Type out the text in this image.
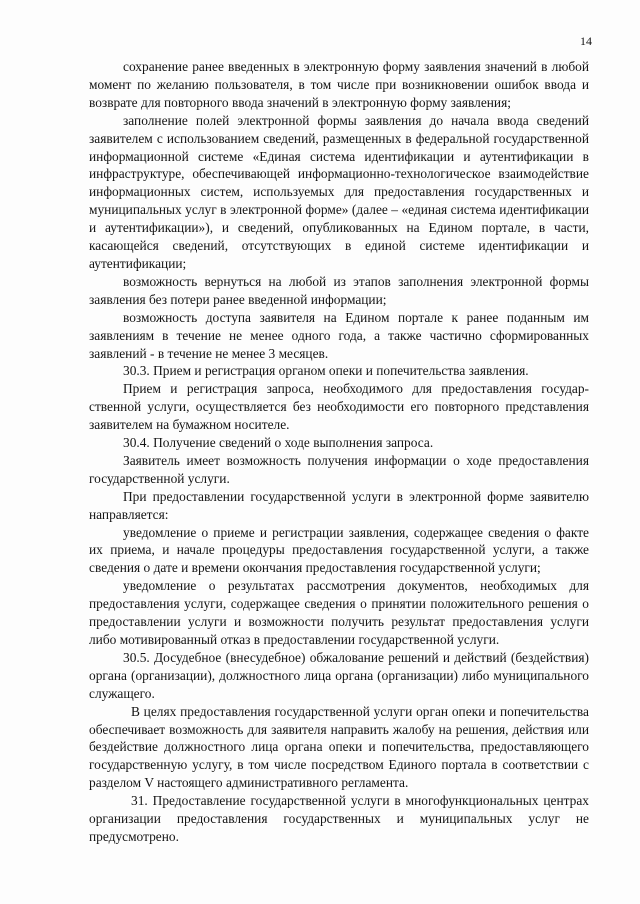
14

сохранение ранее введенных в электронную форму заявления значений в любой момент по желанию пользователя, в том числе при возникновении ошибок ввода и возврате для повторного ввода значений в электронную форму заявления;

заполнение полей электронной формы заявления до начала ввода сведений заявителем с использованием сведений, размещенных в федеральной государственной информационной системе «Единая система идентификации и аутентификации в инфраструктуре, обеспечивающей информационно-технологическое взаимодействие информационных систем, используемых для предоставления государственных и муниципальных услуг в электронной форме» (далее – «единая система идентификации и аутентификации»), и сведений, опубликованных на Едином портале, в части, касающейся сведений, отсутствующих в единой системе идентификации и аутентификации;

возможность вернуться на любой из этапов заполнения электронной формы заявления без потери ранее введенной информации;

возможность доступа заявителя на Едином портале к ранее поданным им заявлениям в течение не менее одного года, а также частично сформированных заявлений - в течение не менее 3 месяцев.

30.3. Прием и регистрация органом опеки и попечительства заявления.

Прием и регистрация запроса, необходимого для предоставления государственной услуги, осуществляется без необходимости его повторного представления заявителем на бумажном носителе.

30.4. Получение сведений о ходе выполнения запроса.

Заявитель имеет возможность получения информации о ходе предоставления государственной услуги.

При предоставлении государственной услуги в электронной форме заявителю направляется:

уведомление о приеме и регистрации заявления, содержащее сведения о факте их приема, и начале процедуры предоставления государственной услуги, а также сведения о дате и времени окончания предоставления государственной услуги;

уведомление о результатах рассмотрения документов, необходимых для предоставления услуги, содержащее сведения о принятии положительного решения о предоставлении услуги и возможности получить результат предоставления услуги либо мотивированный отказ в предоставлении государственной услуги.

30.5. Досудебное (внесудебное) обжалование решений и действий (бездействия) органа (организации), должностного лица органа (организации) либо муниципального служащего.

В целях предоставления государственной услуги орган опеки и попечительства обеспечивает возможность для заявителя направить жалобу на решения, действия или бездействие должностного лица органа опеки и попечительства, предоставляющего государственную услугу, в том числе посредством Единого портала в соответствии с разделом V настоящего административного регламента.

31. Предоставление государственной услуги в многофункциональных центрах организации предоставления государственных и муниципальных услуг не предусмотрено.
